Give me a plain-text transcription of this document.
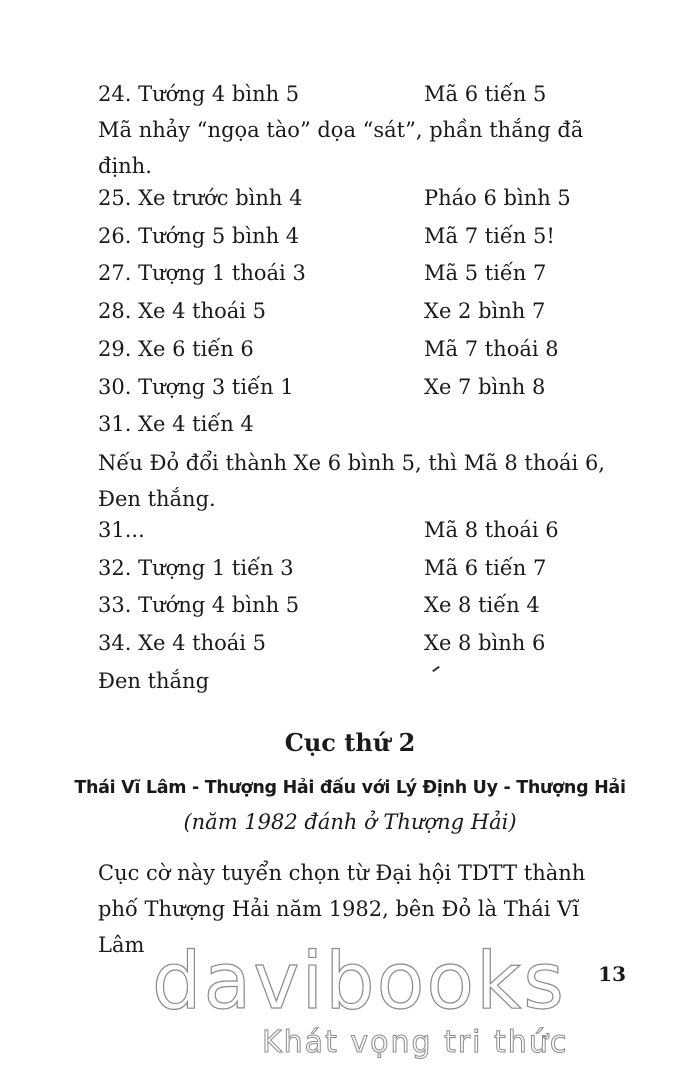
24. Tướng 4 bình 5	Mã 6 tiến 5
Mã nhảy “ngọa tào” dọa “sát”, phần thắng đã định.
25. Xe trước bình 4	Pháo 6 bình 5
26. Tướng 5 bình 4	Mã 7 tiến 5!
27. Tượng 1 thoái 3	Mã 5 tiến 7
28. Xe 4 thoái 5	Xe 2 bình 7
29. Xe 6 tiến 6	Mã 7 thoái 8
30. Tượng 3 tiến 1	Xe 7 bình 8
31. Xe 4 tiến 4
Nếu Đỏ đổi thành Xe 6 bình 5, thì Mã 8 thoái 6, Đen thắng.
31...	Mã 8 thoái 6
32. Tượng 1 tiến 3	Mã 6 tiến 7
33. Tướng 4 bình 5	Xe 8 tiến 4
34. Xe 4 thoái 5	Xe 8 bình 6
Đen thắng
Cục thứ 2
Thái Vĩ Lâm - Thượng Hải đấu với Lý Định Uy - Thượng Hải
(năm 1982 đánh ở Thượng Hải)
Cục cờ này tuyển chọn từ Đại hội TDTT thành phố Thượng Hải năm 1982, bên Đỏ là Thái Vĩ Lâm davibooks
Khát vọng tri thức
13
